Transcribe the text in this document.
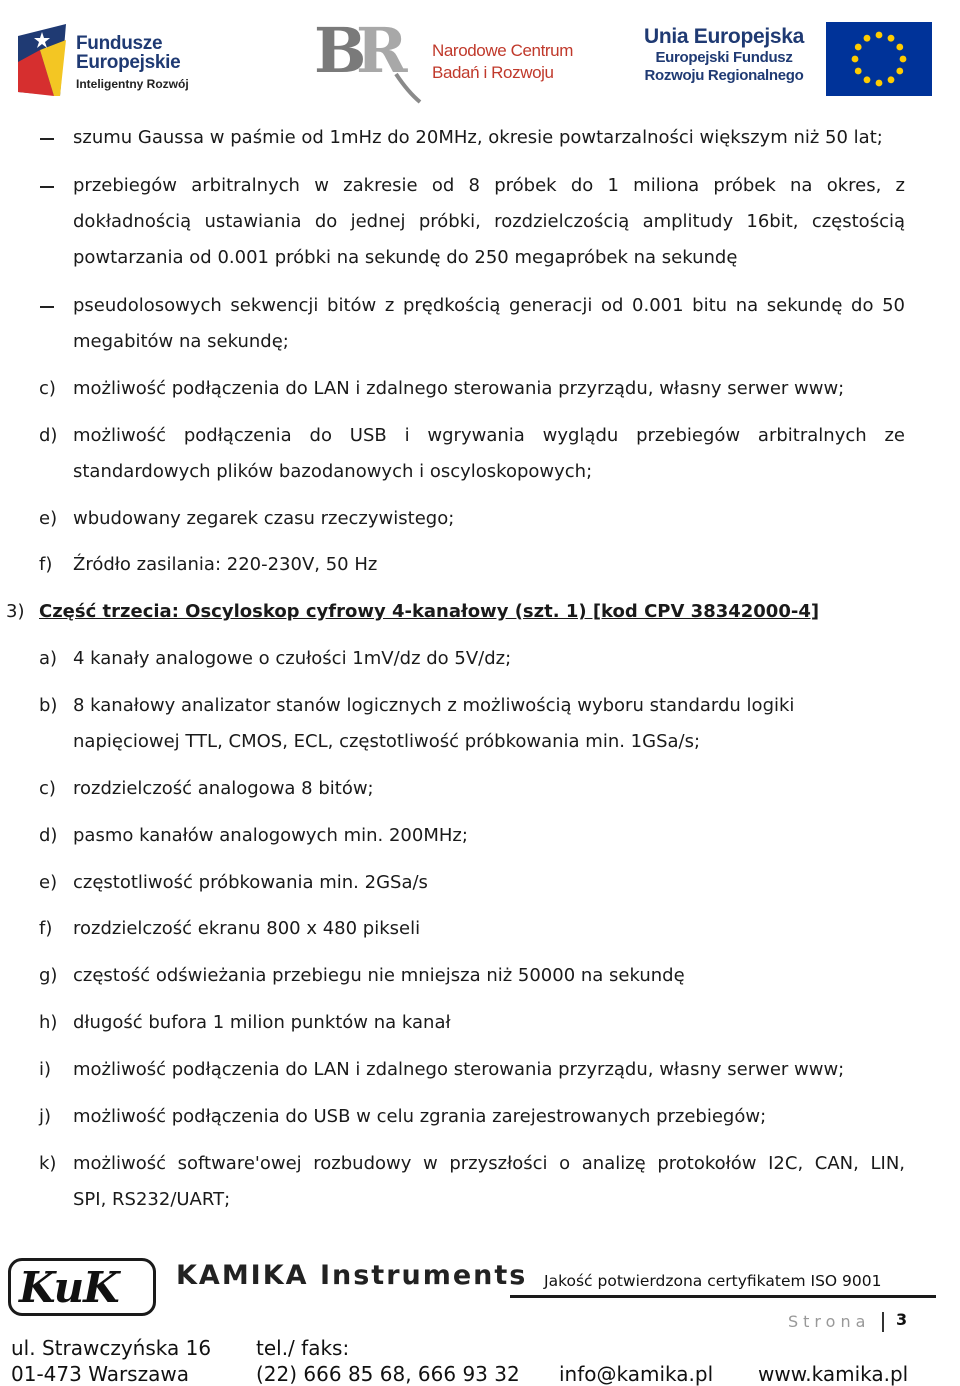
Fundusze
Europejskie
Inteligentny Rozwój B
R Narodowe Centrum
Badań i Rozwoju
Unia Europejska
Europejski Fundusz
Rozwoju Regionalnego
szumu Gaussa w paśmie od 1mHz do 20MHz, okresie powtarzalności większym niż 50 lat;
przebiegów arbitralnych w zakresie od 8 próbek do 1 miliona próbek na okres, z
dokładnością ustawiania do jednej próbki, rozdzielczością amplitudy 16bit, częstością
powtarzania od 0.001 próbki na sekundę do 250 megapróbek na sekundę
pseudolosowych sekwencji bitów z prędkością generacji od 0.001 bitu na sekundę do 50
megabitów na sekundę;
c) możliwość podłączenia do LAN i zdalnego sterowania przyrządu, własny serwer www;
d) możliwość podłączenia do USB i wgrywania wyglądu przebiegów arbitralnych ze
standardowych plików bazodanowych i oscyloskopowych;
e) wbudowany zegarek czasu rzeczywistego;
f) Źródło zasilania: 220-230V, 50 Hz
3) Część trzecia: Oscyloskop cyfrowy 4-kanałowy (szt. 1) [kod CPV 38342000-4]
a) 4 kanały analogowe o czułości 1mV/dz do 5V/dz;
b) 8 kanałowy analizator stanów logicznych z możliwością wyboru standardu logiki
napięciowej TTL, CMOS, ECL, częstotliwość próbkowania min. 1GSa/s;
c) rozdzielczość analogowa 8 bitów;
d) pasmo kanałów analogowych min. 200MHz;
e) częstotliwość próbkowania min. 2GSa/s
f) rozdzielczość ekranu 800 x 480 pikseli
g) częstość odświeżania przebiegu nie mniejsza niż 50000 na sekundę
h) długość bufora 1 milion punktów na kanał
i) możliwość podłączenia do LAN i zdalnego sterowania przyrządu, własny serwer www;
j) możliwość podłączenia do USB w celu zgrania zarejestrowanych przebiegów;
k) możliwość software'owej rozbudowy w przyszłości o analizę protokołów I2C, CAN, LIN,
SPI, RS232/UART;
KuK KAMIKA Instruments Jakość potwierdzona certyfikatem ISO 9001
Strona 3
ul. Strawczyńska 16
01-473 Warszawa
tel./ faks:
(22) 666 85 68, 666 93 32 info@kamika.pl www.kamika.pl
